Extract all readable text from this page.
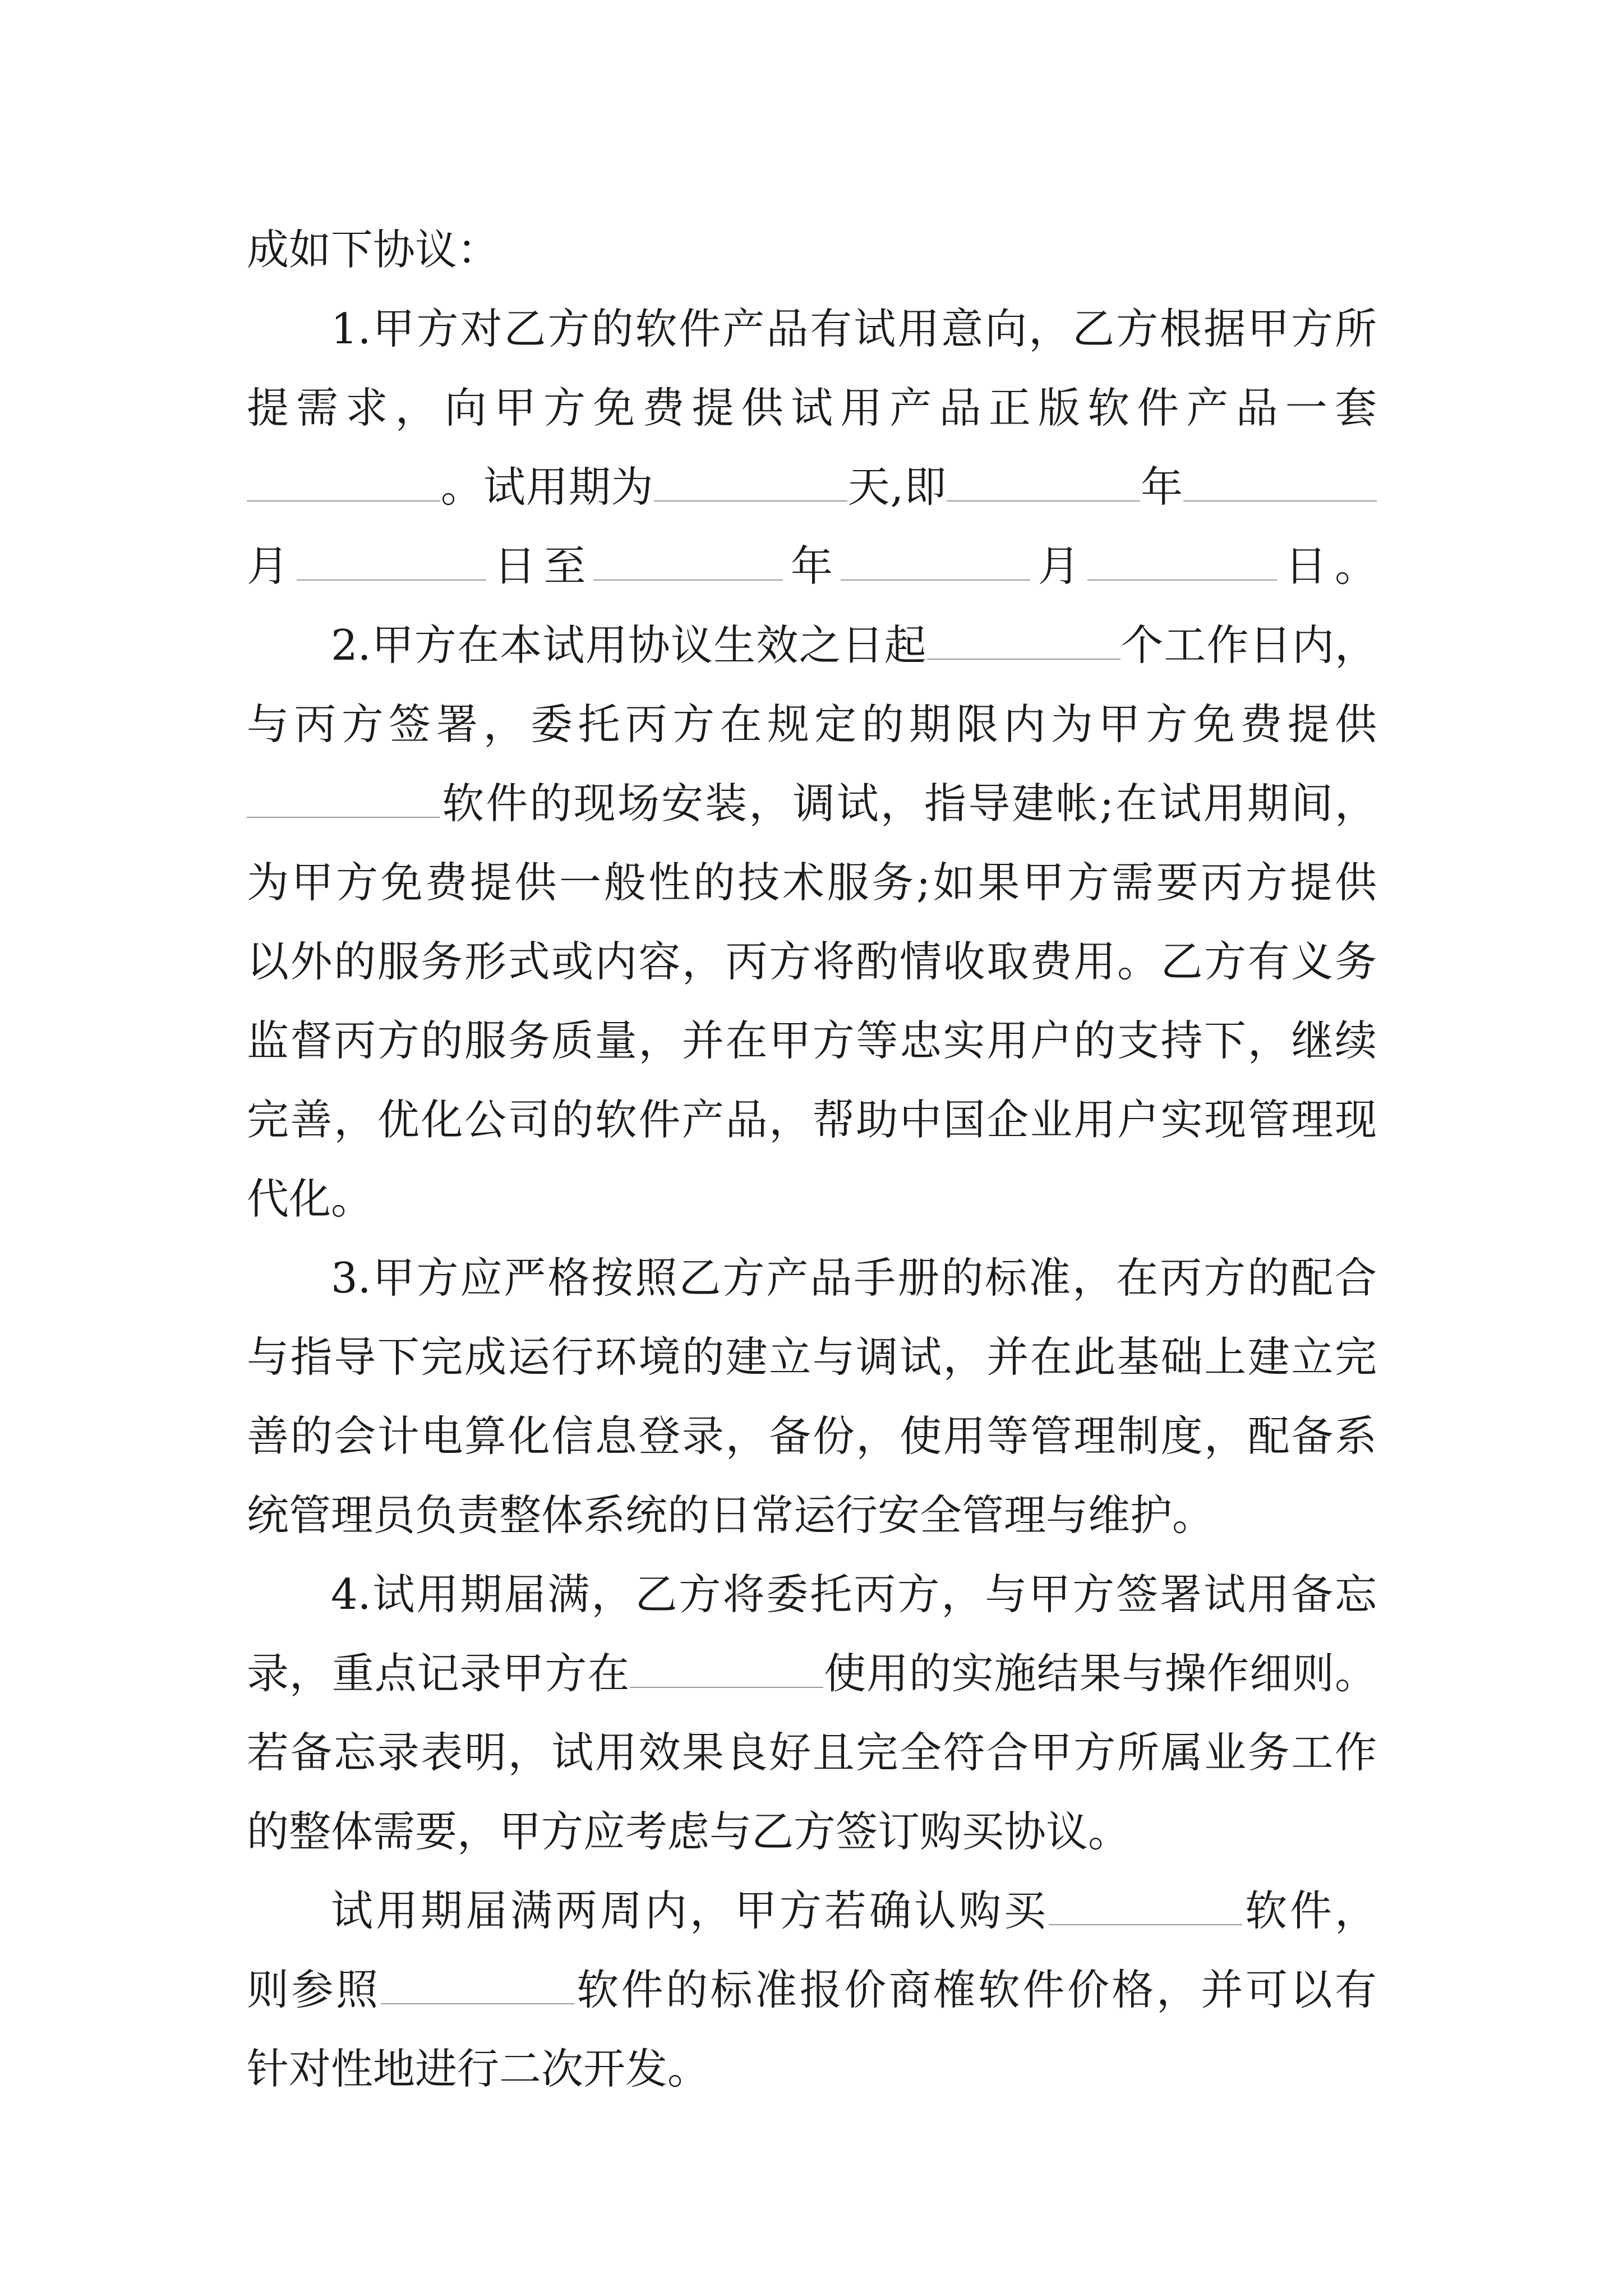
成如下协议：
1.甲方对乙方的软件产品有试用意向，乙方根据甲方所
提需求，向甲方免费提供试用产品正版软件产品一套
。试用期为	天,即	年
月	日至	年	月	日。
2.甲方在本试用协议生效之日起	个工作日内，
与丙方签署，委托丙方在规定的期限内为甲方免费提供
软件的现场安装，调试，指导建帐;在试用期间，
为甲方免费提供一般性的技术服务;如果甲方需要丙方提供
以外的服务形式或内容，丙方将酌情收取费用。乙方有义务
监督丙方的服务质量，并在甲方等忠实用户的支持下，继续
完善，优化公司的软件产品，帮助中国企业用户实现管理现
代化。
3.甲方应严格按照乙方产品手册的标准，在丙方的配合
与指导下完成运行环境的建立与调试，并在此基础上建立完
善的会计电算化信息登录，备份，使用等管理制度，配备系
统管理员负责整体系统的日常运行安全管理与维护。
4.试用期届满，乙方将委托丙方，与甲方签署试用备忘
录，重点记录甲方在	使用的实施结果与操作细则。
若备忘录表明，试用效果良好且完全符合甲方所属业务工作
的整体需要，甲方应考虑与乙方签订购买协议。
试用期届满两周内，甲方若确认购买	软件，
则参照	软件的标准报价商榷软件价格，并可以有
针对性地进行二次开发。
